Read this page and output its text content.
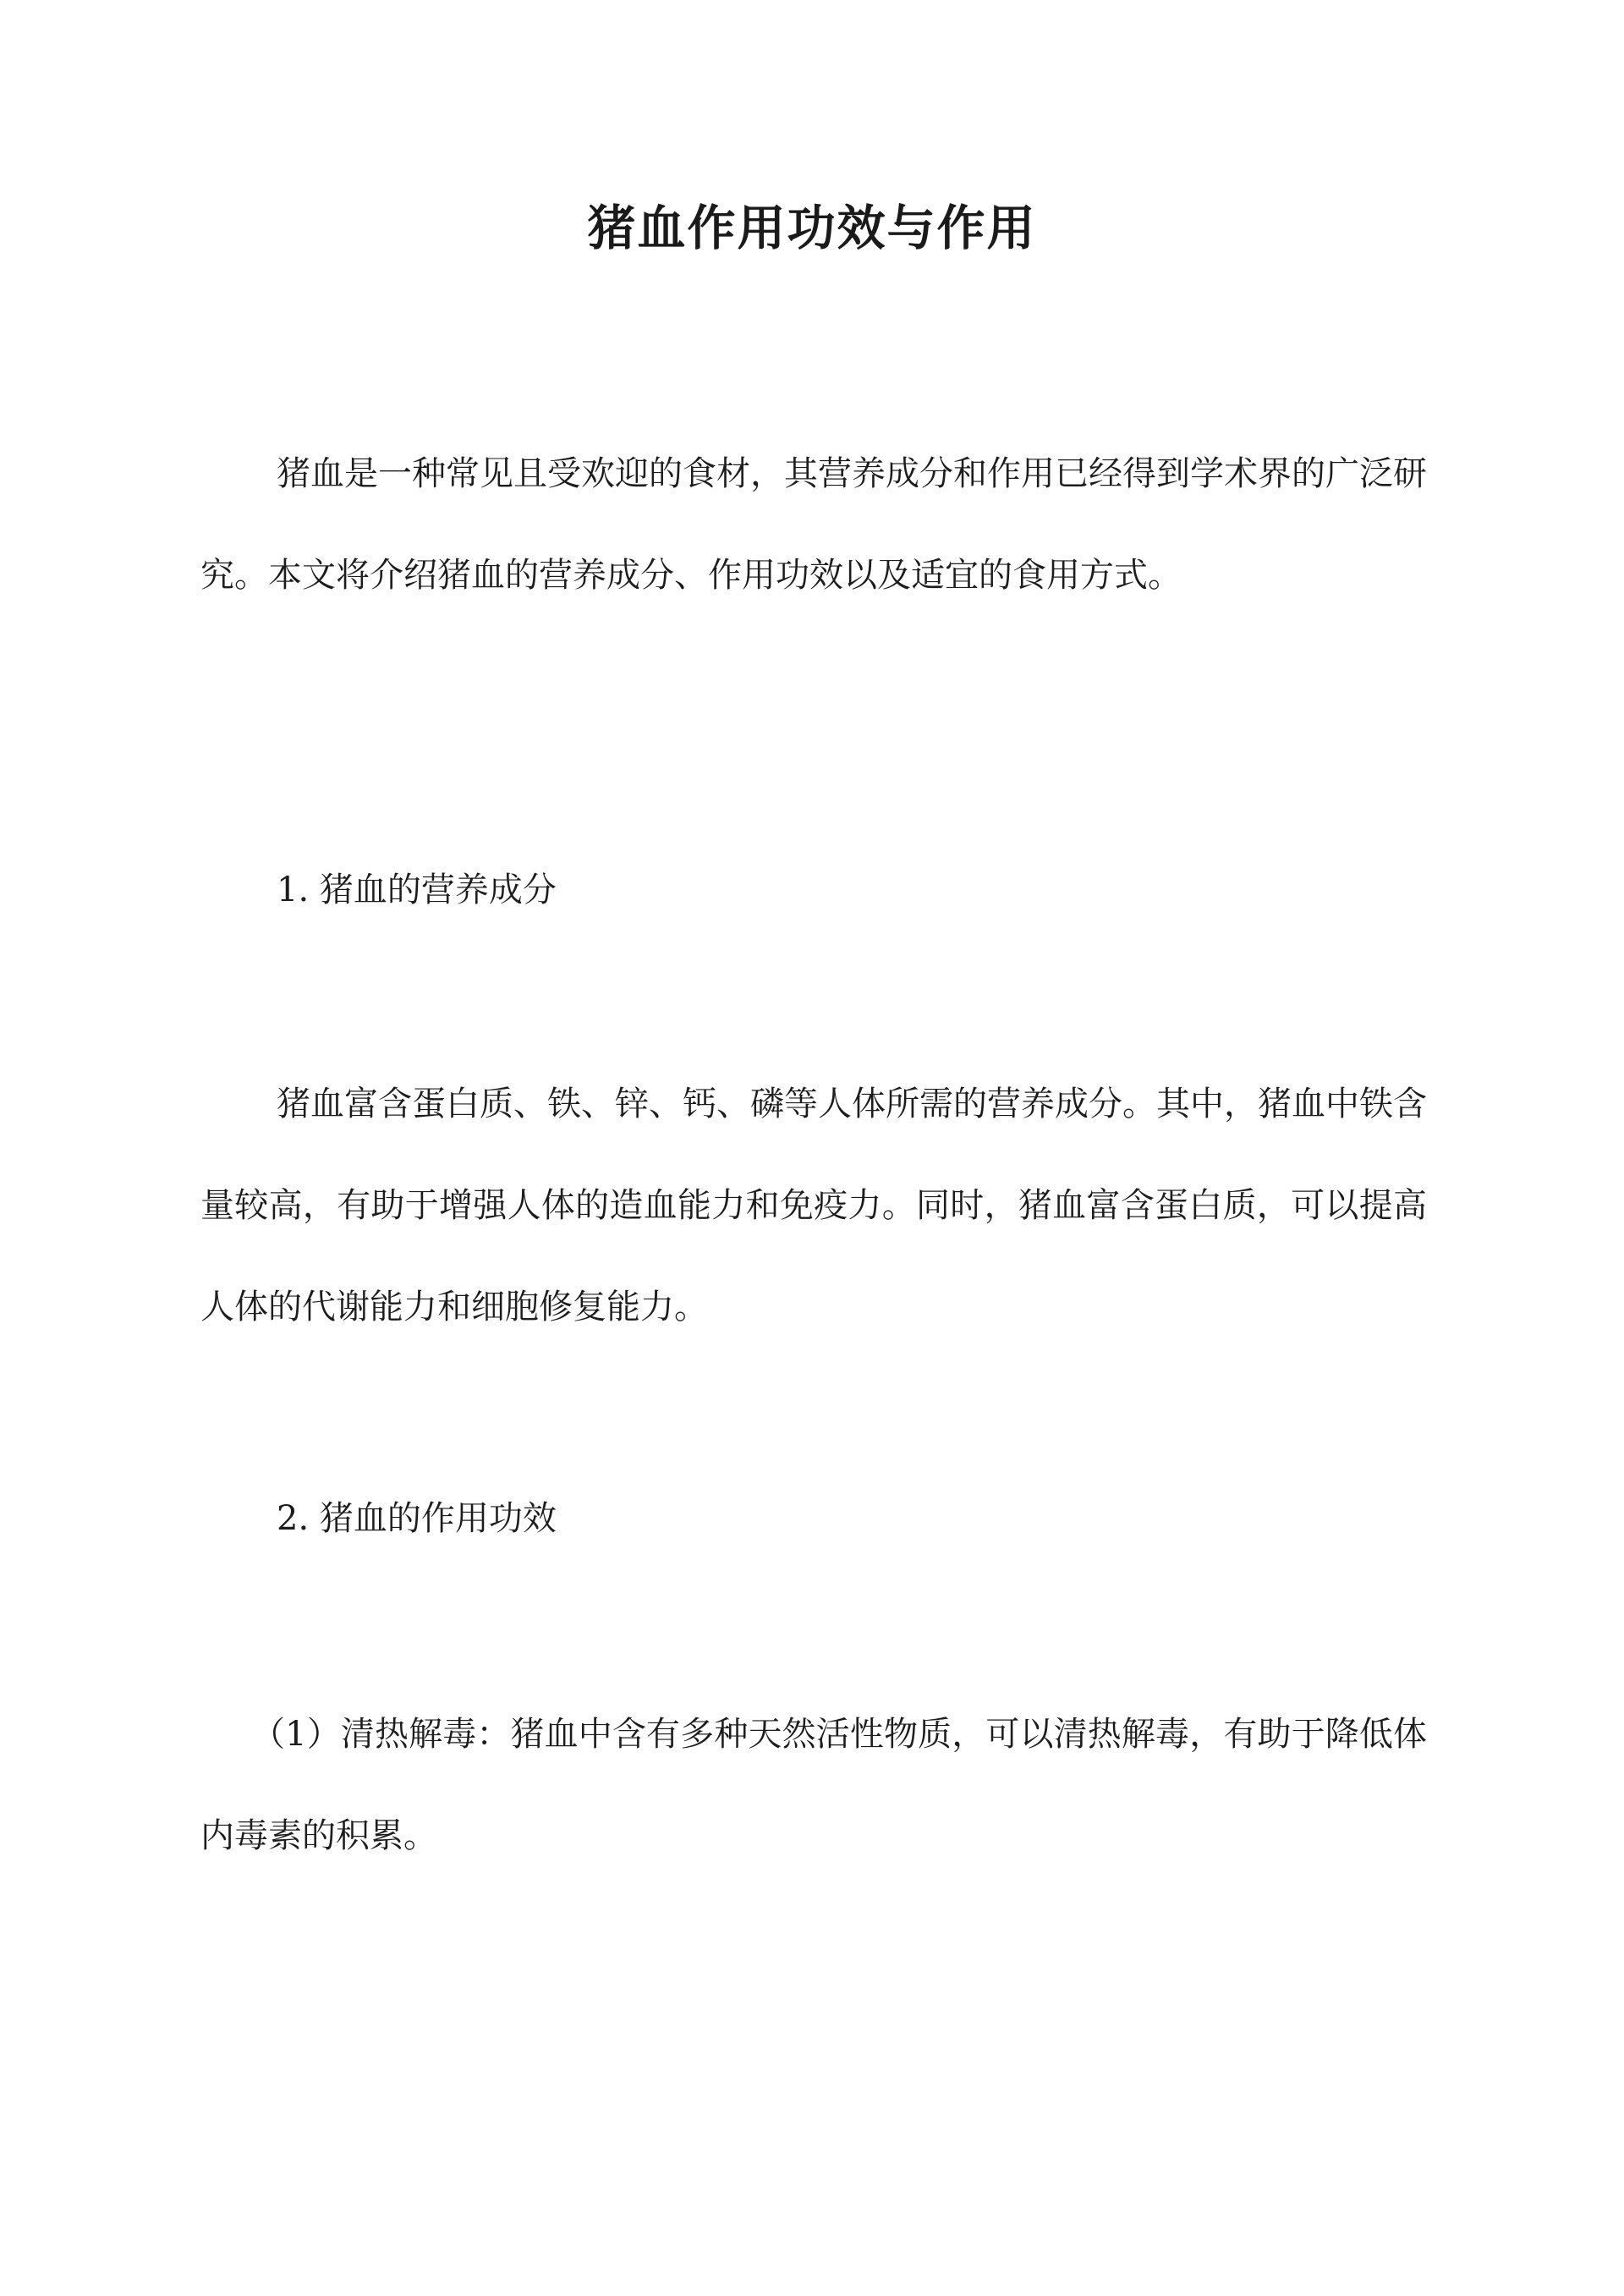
猪血作用功效与作用

猪血是一种常见且受欢迎的食材，其营养成分和作用已经得到学术界的广泛研究。本文将介绍猪血的营养成分、作用功效以及适宜的食用方式。

1. 猪血的营养成分

猪血富含蛋白质、铁、锌、钙、磷等人体所需的营养成分。其中，猪血中铁含量较高，有助于增强人体的造血能力和免疫力。同时，猪血富含蛋白质，可以提高人体的代谢能力和细胞修复能力。

2. 猪血的作用功效

（1）清热解毒：猪血中含有多种天然活性物质，可以清热解毒，有助于降低体内毒素的积累。
